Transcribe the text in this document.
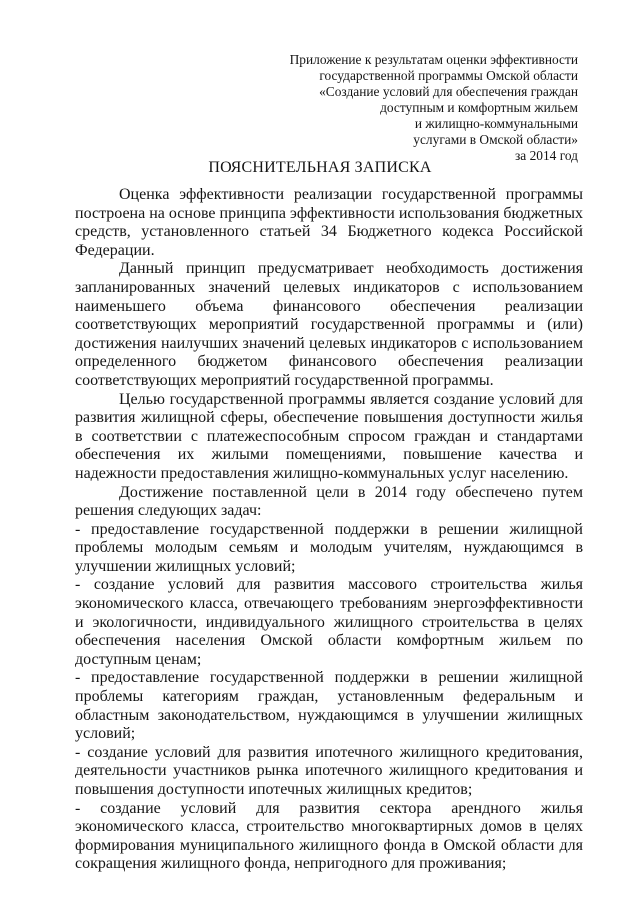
Приложение к результатам оценки эффективности
государственной программы Омской области
«Создание условий для обеспечения граждан
доступным и комфортным жильем
и жилищно-коммунальными
услугами в Омской области»
за 2014 год
ПОЯСНИТЕЛЬНАЯ ЗАПИСКА

Оценка эффективности реализации государственной программы построена на основе принципа эффективности использования бюджетных средств, установленного статьей 34 Бюджетного кодекса Российской Федерации.

Данный принцип предусматривает необходимость достижения запланированных значений целевых индикаторов с использованием наименьшего объема финансового обеспечения реализации соответствующих мероприятий государственной программы и (или) достижения наилучших значений целевых индикаторов с использованием определенного бюджетом финансового обеспечения реализации соответствующих мероприятий государственной программы.

Целью государственной программы является создание условий для развития жилищной сферы, обеспечение повышения доступности жилья в соответствии с платежеспособным спросом граждан и стандартами обеспечения их жилыми помещениями, повышение качества и надежности предоставления жилищно-коммунальных услуг населению.

Достижение поставленной цели в 2014 году обеспечено путем решения следующих задач:

- предоставление государственной поддержки в решении жилищной проблемы молодым семьям и молодым учителям, нуждающимся в улучшении жилищных условий;

- создание условий для развития массового строительства жилья экономического класса, отвечающего требованиям энергоэффективности и экологичности, индивидуального жилищного строительства в целях обеспечения населения Омской области комфортным жильем по доступным ценам;

- предоставление государственной поддержки в решении жилищной проблемы категориям граждан, установленным федеральным и областным законодательством, нуждающимся в улучшении жилищных условий;

- создание условий для развития ипотечного жилищного кредитования, деятельности участников рынка ипотечного жилищного кредитования и повышения доступности ипотечных жилищных кредитов;

- создание условий для развития сектора арендного жилья экономического класса, строительство многоквартирных домов в целях формирования муниципального жилищного фонда в Омской области для сокращения жилищного фонда, непригодного для проживания;
